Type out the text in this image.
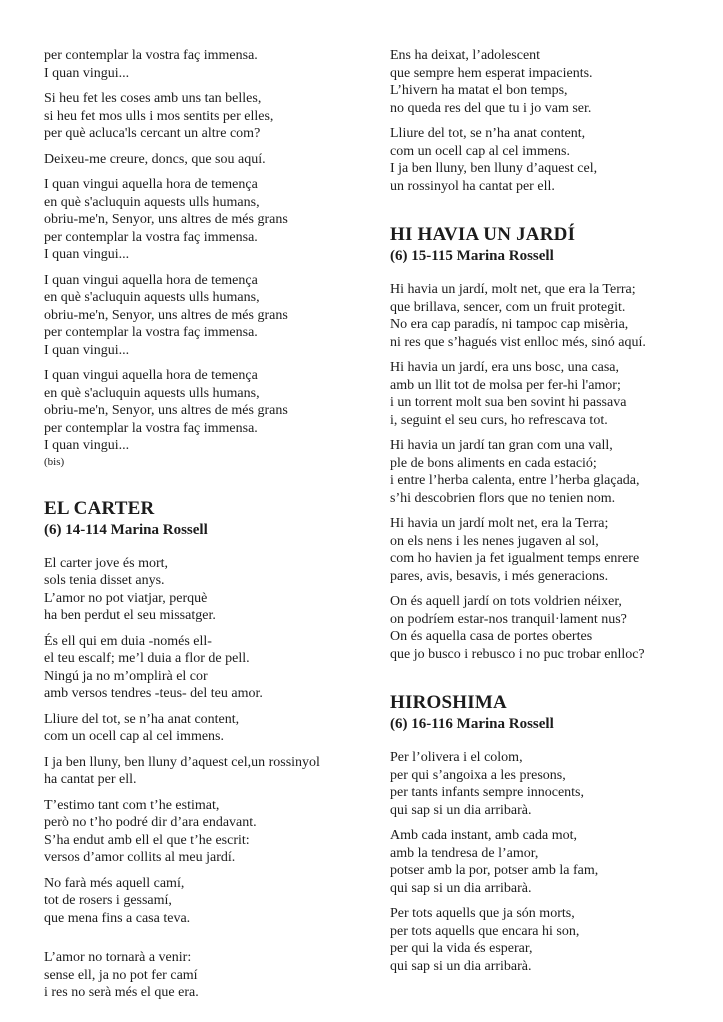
per contemplar la vostra faç immensa.
I quan vingui...
Si heu fet les coses amb uns tan belles,
si heu fet mos ulls i mos sentits per elles,
per què acluca'ls cercant un altre com?
Deixeu-me creure, doncs, que sou aquí.
I quan vingui aquella hora de temença
en què s'acluquin aquests ulls humans,
obriu-me'n, Senyor, uns altres de més grans
per contemplar la vostra faç immensa.
I quan vingui...
I quan vingui aquella hora de temença
en què s'acluquin aquests ulls humans,
obriu-me'n, Senyor, uns altres de més grans
per contemplar la vostra faç immensa.
I quan vingui...
I quan vingui aquella hora de temença
en què s'acluquin aquests ulls humans,
obriu-me'n, Senyor, uns altres de més grans
per contemplar la vostra faç immensa.
I quan vingui...
(bis)
EL CARTER
(6) 14-114 Marina Rossell
El carter jove és mort,
sols tenia disset anys.
L’amor no pot viatjar, perquè
ha ben perdut el seu missatger.
És ell qui em duia -només ell-
el teu escalf; me’l duia a flor de pell.
Ningú ja no m’omplirà el cor
amb versos tendres -teus- del teu amor.
Lliure del tot, se n’ha anat content,
com un ocell cap al cel immens.
I ja ben lluny, ben lluny d’aquest cel,un rossinyol
ha cantat per ell.
T’estimo tant com t’he estimat,
però no t’ho podré dir d’ara endavant.
S’ha endut amb ell el que t’he escrit:
versos d’amor collits al meu jardí.
No farà més aquell camí,
tot de rosers i gessamí,
que mena fins a casa teva.
L’amor no tornarà a venir:
sense ell, ja no pot fer camí
i res no serà més el que era.
Ens ha deixat, l’adolescent
que sempre hem esperat impacients.
L’hivern ha matat el bon temps,
no queda res del que tu i jo vam ser.
Lliure del tot, se n’ha anat content,
com un ocell cap al cel immens.
I ja ben lluny, ben lluny d’aquest cel,
un rossinyol ha cantat per ell.
HI HAVIA UN JARDÍ
(6) 15-115 Marina Rossell
Hi havia un jardí, molt net, que era la Terra;
que brillava, sencer, com un fruit protegit.
No era cap paradís, ni tampoc cap misèria,
ni res que s’hagués vist enlloc més, sinó aquí.
Hi havia un jardí, era uns bosc, una casa,
amb un llit tot de molsa per fer-hi l'amor;
i un torrent molt sua ben sovint hi passava
i, seguint el seu curs, ho refrescava tot.
Hi havia un jardí tan gran com una vall,
ple de bons aliments en cada estació;
i entre l’herba calenta, entre l’herba glaçada,
s’hi descobrien flors que no tenien nom.
Hi havia un jardí molt net, era la Terra;
on els nens i les nenes jugaven al sol,
com ho havien ja fet igualment temps enrere
pares, avis, besavis, i més generacions.
On és aquell jardí on tots voldrien néixer,
on podríem estar-nos tranquil·lament nus?
On és aquella casa de portes obertes
que jo busco i rebusco i no puc trobar enlloc?
HIROSHIMA
(6) 16-116 Marina Rossell
Per l’olivera i el colom,
per qui s’angoixa a les presons,
per tants infants sempre innocents,
qui sap si un dia arribarà.
Amb cada instant, amb cada mot,
amb la tendresa de l’amor,
potser amb la por, potser amb la fam,
qui sap si un dia arribarà.
Per tots aquells que ja són morts,
per tots aquells que encara hi son,
per qui la vida és esperar,
qui sap si un dia arribarà.
